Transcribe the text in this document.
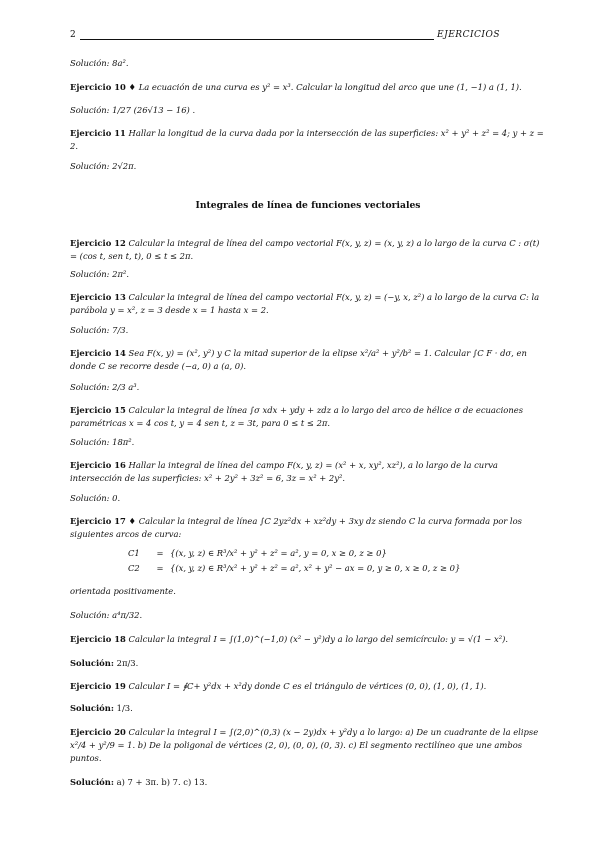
2	EJERCICIOS
Solución: 8a².
Ejercicio 10 ♦ La ecuación de una curva es y² = x³. Calcular la longitud del arco que une (1, −1) a (1, 1).
Solución: 1/27 (26√13 − 16) .
Ejercicio 11 Hallar la longitud de la curva dada por la intersección de las superficies: x² + y² + z² = 4; y + z = 2.
Solución: 2√2π.
Integrales de línea de funciones vectoriales
Ejercicio 12 Calcular la integral de línea del campo vectorial F(x, y, z) = (x, y, z) a lo largo de la curva C : σ(t) = (cos t, sen t, t), 0 ≤ t ≤ 2π.
Solución: 2π².
Ejercicio 13 Calcular la integral de línea del campo vectorial F(x, y, z) = (−y, x, z²) a lo largo de la curva C: la parábola y = x², z = 3 desde x = 1 hasta x = 2.
Solución: 7/3.
Ejercicio 14 Sea F(x, y) = (x², y²) y C la mitad superior de la elipse x²/a² + y²/b² = 1. Calcular ∫C F · dσ, en donde C se recorre desde (−a, 0) a (a, 0).
Solución: 2/3 a³.
Ejercicio 15 Calcular la integral de línea ∫σ xdx + ydy + zdz a lo largo del arco de hélice σ de ecuaciones paramétricas x = 4 cos t, y = 4 sen t, z = 3t, para 0 ≤ t ≤ 2π.
Solución: 18π².
Ejercicio 16 Hallar la integral de línea del campo F(x, y, z) = (x² + x, xy², xz²), a lo largo de la curva intersección de las superficies: x² + 2y² + 3z² = 6, 3z = x² + 2y².
Solución: 0.
Ejercicio 17 ♦ Calcular la integral de línea ∫C 2yz²dx + xz²dy + 3xy dz siendo C la curva formada por los siguientes arcos de curva:
C1 = {(x, y, z) ∈ R³/x² + y² + z² = a², y = 0, x ≥ 0, z ≥ 0}
C2 = {(x, y, z) ∈ R³/x² + y² + z² = a², x² + y² − ax = 0, y ≥ 0, x ≥ 0, z ≥ 0}
orientada positivamente.
Solución: a⁴π/32.
Ejercicio 18 Calcular la integral I = ∫(1,0)^(−1,0) (x² − y²)dy a lo largo del semicírculo: y = √(1 − x²).
Solución: 2π/3.
Ejercicio 19 Calcular I = ∮C+ y²dx + x²dy donde C es el triángulo de vértices (0, 0), (1, 0), (1, 1).
Solución: 1/3.
Ejercicio 20 Calcular la integral I = ∫(2,0)^(0,3) (x − 2y)dx + y²dy a lo largo: a) De un cuadrante de la elipse x²/4 + y²/9 = 1. b) De la poligonal de vértices (2, 0), (0, 0), (0, 3). c) El segmento rectilíneo que une ambos puntos.
Solución: a) 7 + 3π. b) 7. c) 13.
